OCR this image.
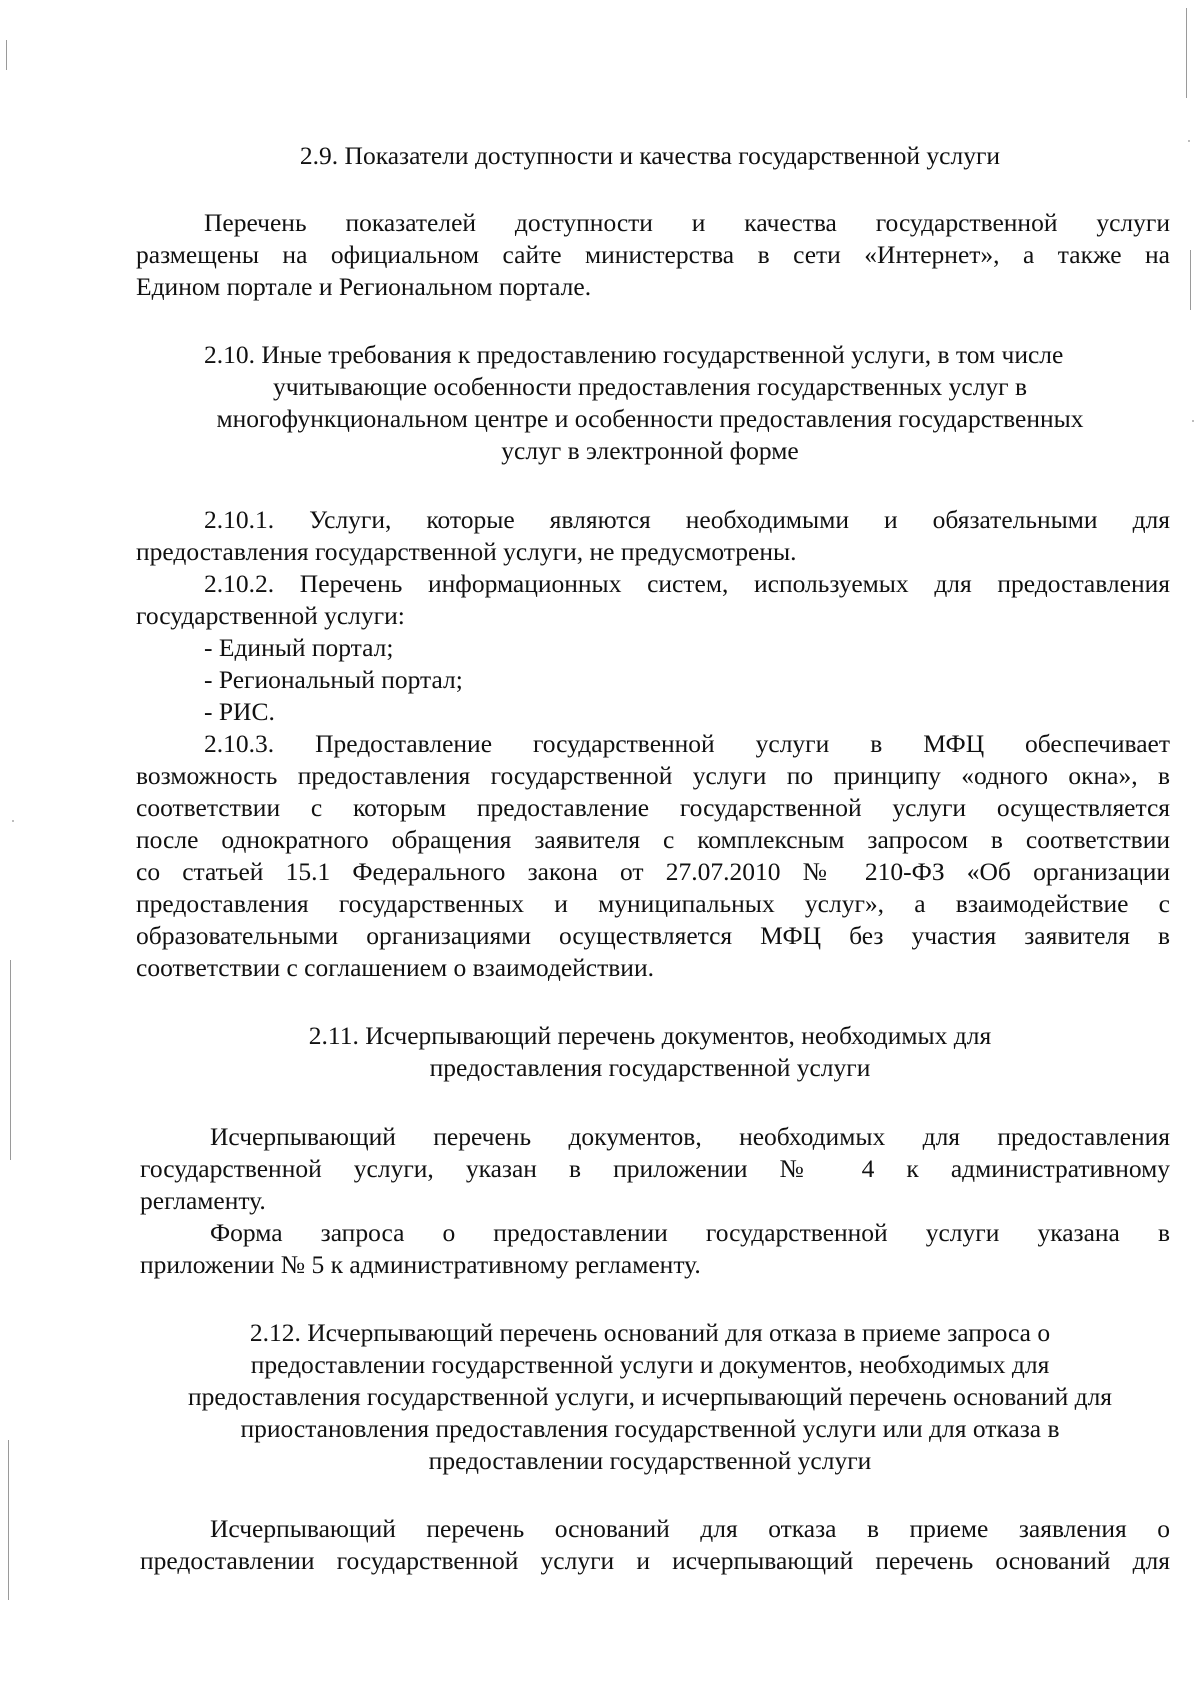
2.9. Показатели доступности и качества государственной услуги
Перечень показателей доступности и качества государственной услуги
размещены на официальном сайте министерства в сети «Интернет», а также на
Едином портале и Региональном портале.
2.10. Иные требования к предоставлению государственной услуги, в том числе
учитывающие особенности предоставления государственных услуг в
многофункциональном центре и особенности предоставления государственных
услуг в электронной форме
2.10.1. Услуги, которые являются необходимыми и обязательными для
предоставления государственной услуги, не предусмотрены.
2.10.2. Перечень информационных систем, используемых для предоставления
государственной услуги:
- Единый портал;
- Региональный портал;
- РИС.
2.10.3. Предоставление государственной услуги в МФЦ обеспечивает
возможность предоставления государственной услуги по принципу «одного окна», в
соответствии с которым предоставление государственной услуги осуществляется
после однократного обращения заявителя с комплексным запросом в соответствии
со статьей 15.1 Федерального закона от 27.07.2010 № 210-ФЗ «Об организации
предоставления государственных и муниципальных услуг», а взаимодействие с
образовательными организациями осуществляется МФЦ без участия заявителя в
соответствии с соглашением о взаимодействии.
2.11. Исчерпывающий перечень документов, необходимых для
предоставления государственной услуги
Исчерпывающий перечень документов, необходимых для предоставления
государственной услуги, указан в приложении № 4 к административному
регламенту.
Форма запроса о предоставлении государственной услуги указана в
приложении № 5 к административному регламенту.
2.12. Исчерпывающий перечень оснований для отказа в приеме запроса о
предоставлении государственной услуги и документов, необходимых для
предоставления государственной услуги, и исчерпывающий перечень оснований для
приостановления предоставления государственной услуги или для отказа в
предоставлении государственной услуги
Исчерпывающий перечень оснований для отказа в приеме заявления о
предоставлении государственной услуги и исчерпывающий перечень оснований для
